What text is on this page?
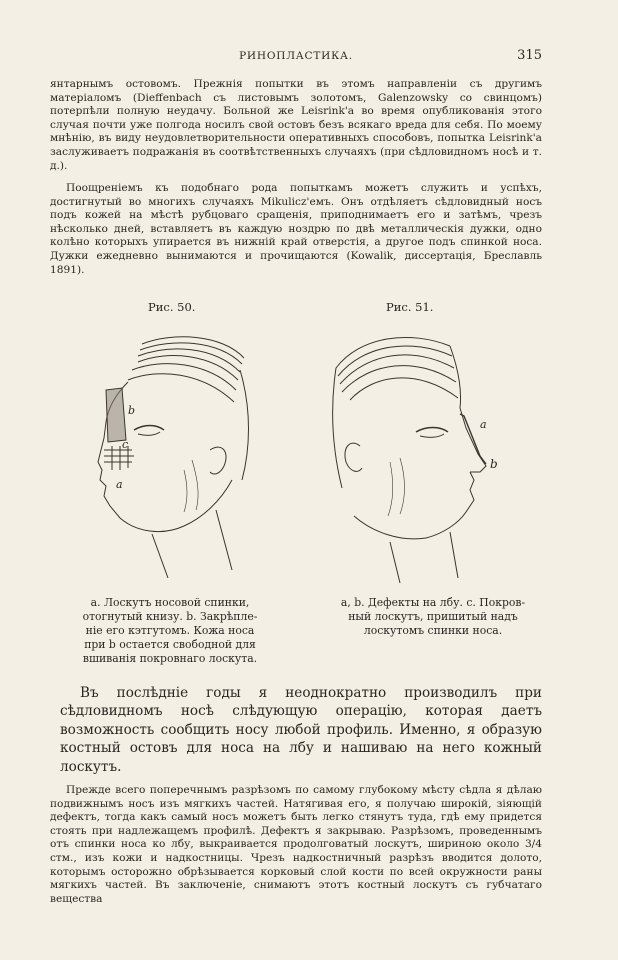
РИНОПЛАСТИКА.	315

янтарнымъ остовомъ. Прежнія попытки въ этомъ направленіи съ другимъ матеріаломъ (Dieffenbach съ листовымъ золотомъ, Galenzowsky со свинцомъ) потерпѣли полную неудачу. Больной же Leisrink'a во время опубликованія этого случая почти уже полгода носилъ свой остовъ безъ всякаго вреда для себя. По моему мнѣнію, въ виду неудовлетворительности оперативныхъ способовъ, попытка Leisrink'a заслуживаетъ подражанія въ соотвѣтственныхъ случаяхъ (при сѣдловидномъ носѣ и т. д.).

Поощреніемъ къ подобнаго рода попыткамъ можетъ служить и успѣхъ, достигнутый во многихъ случаяхъ Mikulicz'емъ. Онъ отдѣляетъ сѣдловидный носъ подъ кожей на мѣстѣ рубцоваго сращенія, приподнимаетъ его и затѣмъ, чрезъ нѣсколько дней, вставляетъ въ каждую ноздрю по двѣ металлическія дужки, одно колѣно которыхъ упирается въ нижній край отверстія, а другое подъ спинкой носа. Дужки ежедневно вынимаются и прочищаются (Kowalik, диссертація, Бреславль 1891).

Рис. 50.	Рис. 51.
b
c
a
a
b
a. Лоскутъ носовой спинки,
отогнутый книзу. b. Закрѣпле-
ніе его кэтгутомъ. Кожа носа
при b остается свободной для
вшиванія покровнаго лоскута.
a, b. Дефекты на лбу. c. Покров-
ный лоскутъ, пришитый надъ
лоскутомъ спинки носа.

Въ послѣдніе годы я неоднократно производилъ при сѣдловидномъ носѣ слѣдующую операцію, которая даетъ возможность сообщить носу любой профиль. Именно, я образую костный остовъ для носа на лбу и нашиваю на него кожный лоскутъ.

Прежде всего поперечнымъ разрѣзомъ по самому глубокому мѣсту сѣдла я дѣлаю подвижнымъ носъ изъ мягкихъ частей. Натягивая его, я получаю широкій, зіяющій дефектъ, тогда какъ самый носъ можетъ быть легко стянутъ туда, гдѣ ему придется стоять при надлежащемъ профилѣ. Дефектъ я закрываю. Разрѣзомъ, проведеннымъ отъ спинки носа ко лбу, выкраивается продолговатый лоскутъ, шириною около 3/4 стм., изъ кожи и надкостницы. Чрезъ надкостничный разрѣзъ вводится долото, которымъ осторожно обрѣзывается корковый слой кости по всей окружности раны мягкихъ частей. Въ заключеніе, снимаютъ этотъ костный лоскутъ съ губчатаго вещества
